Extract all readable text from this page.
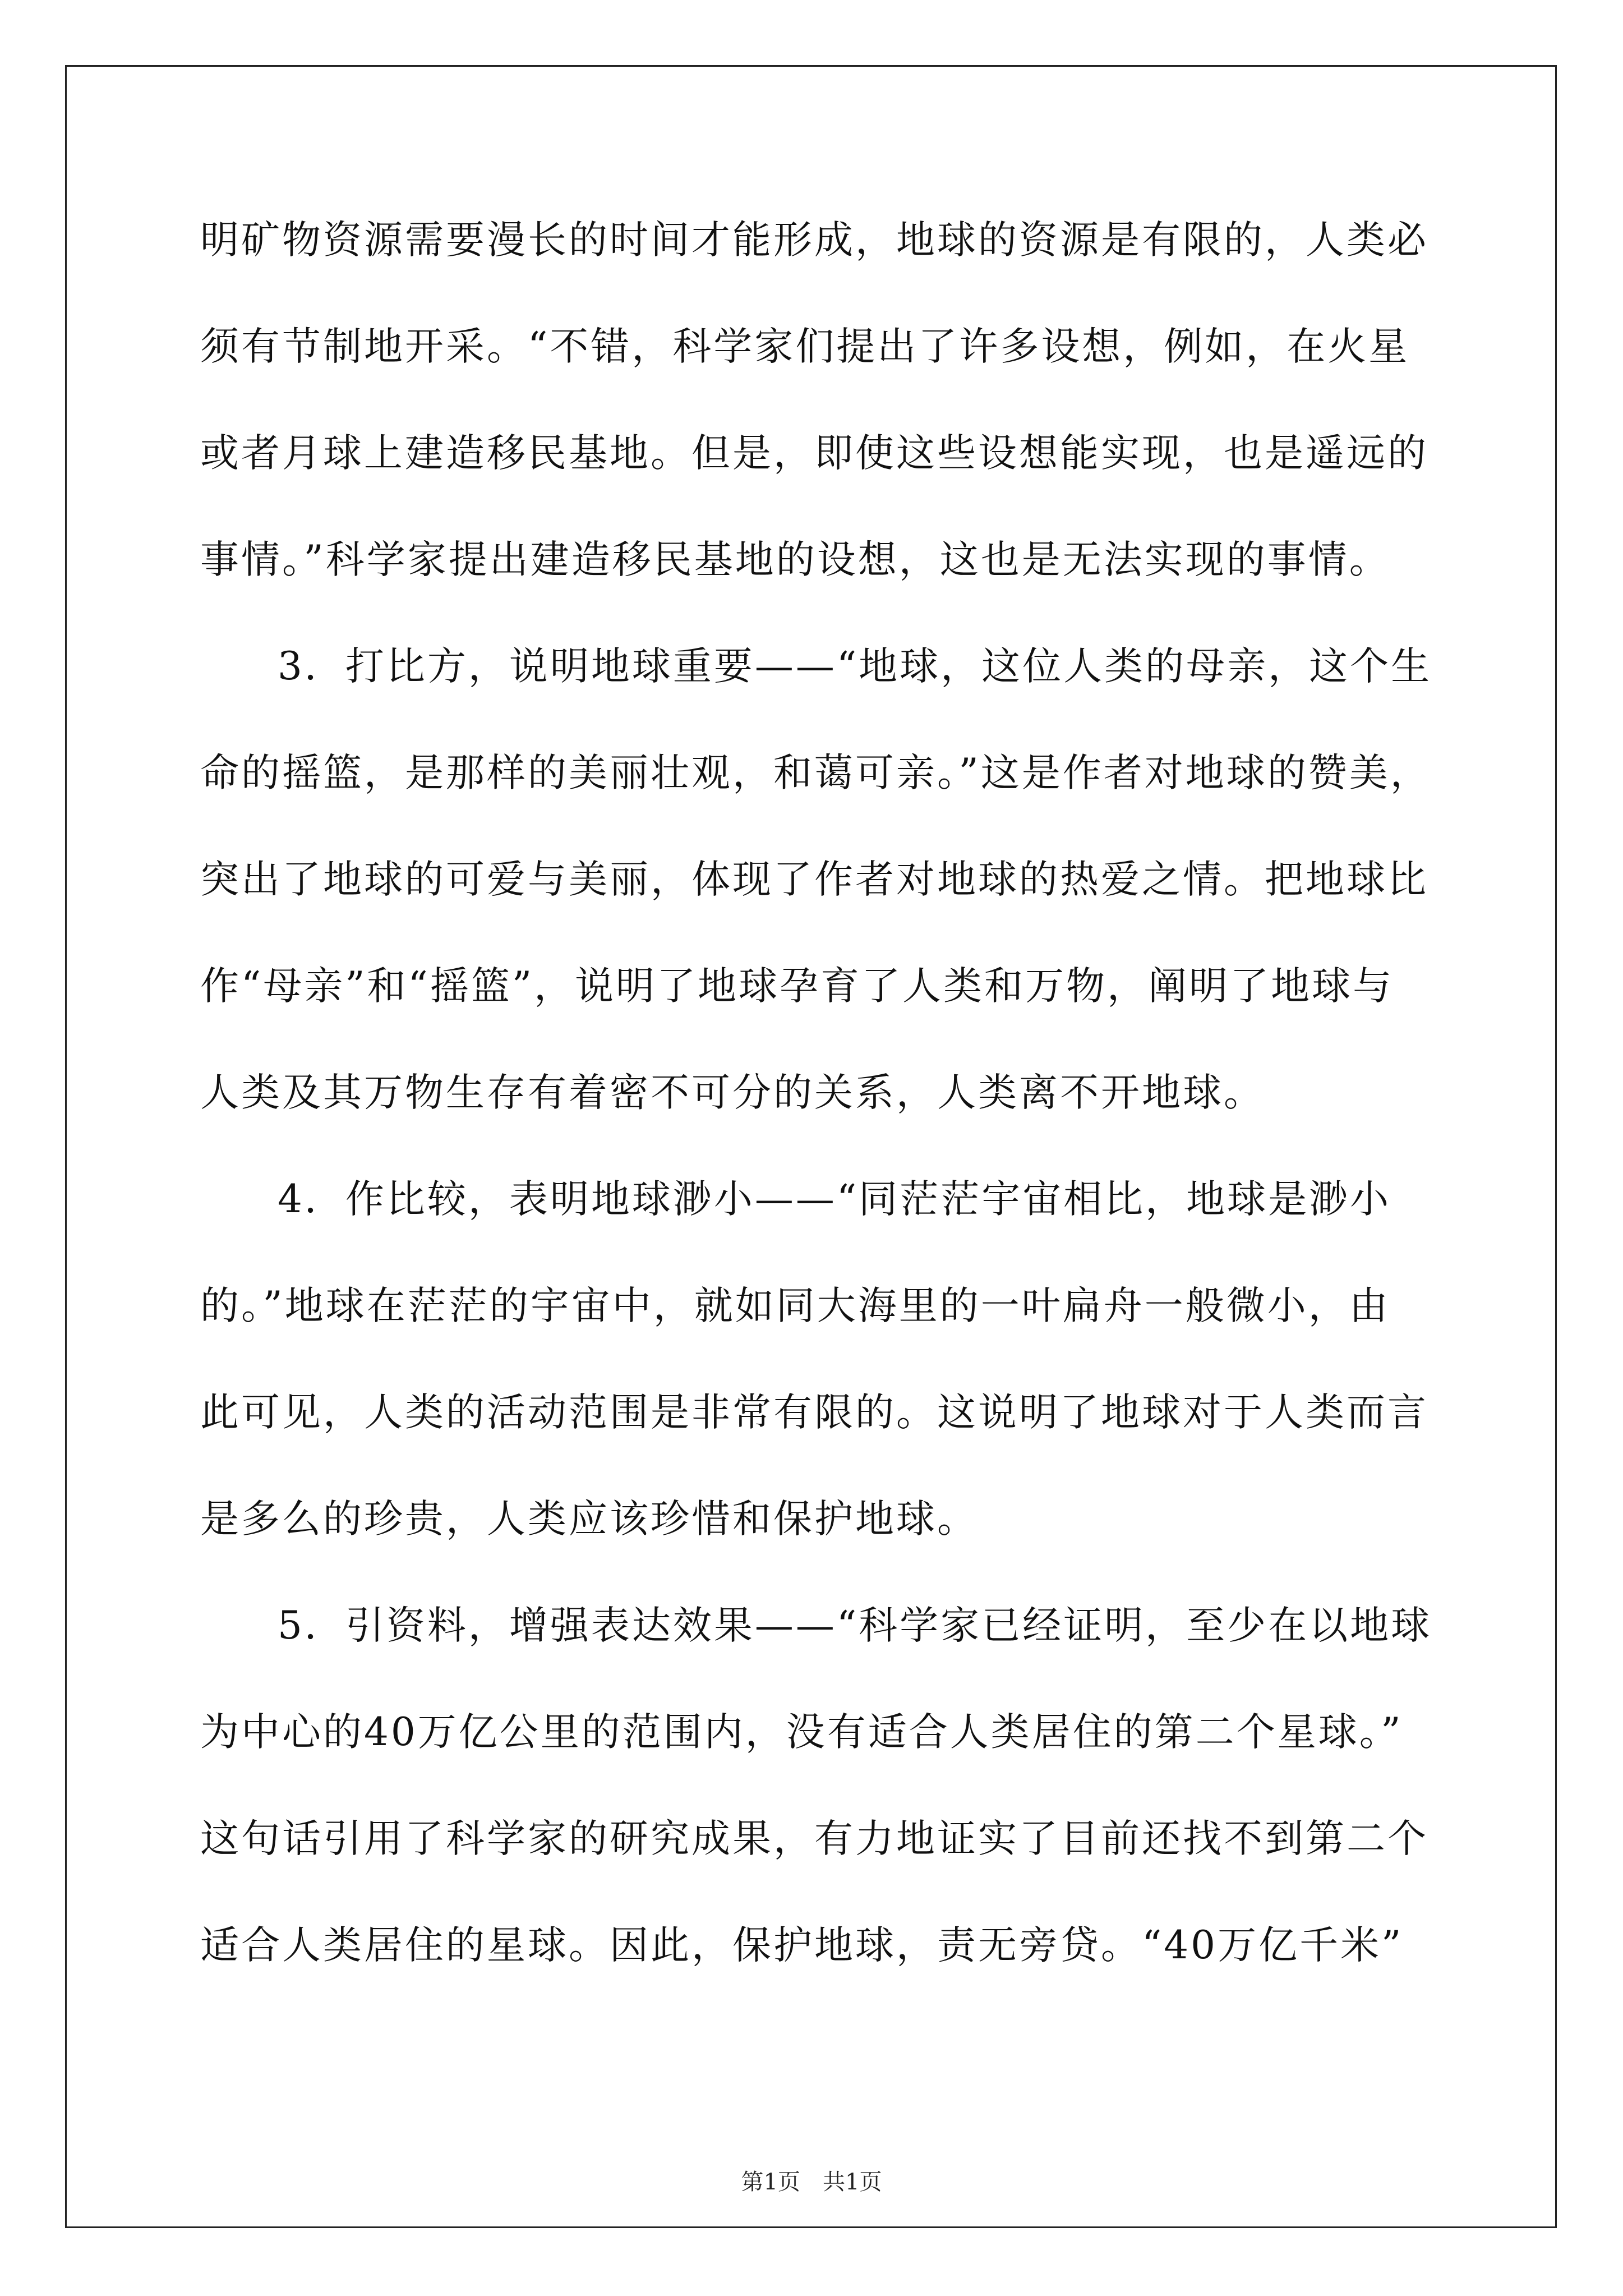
明矿物资源需要漫长的时间才能形成，地球的资源是有限的，人类必
须有节制地开采。“不错，科学家们提出了许多设想，例如，在火星
或者月球上建造移民基地。但是，即使这些设想能实现，也是遥远的
事情。”科学家提出建造移民基地的设想，这也是无法实现的事情。
3．打比方，说明地球重要——“地球，这位人类的母亲，这个生
命的摇篮，是那样的美丽壮观，和蔼可亲。”这是作者对地球的赞美，
突出了地球的可爱与美丽，体现了作者对地球的热爱之情。把地球比
作“母亲”和“摇篮”，说明了地球孕育了人类和万物，阐明了地球与
人类及其万物生存有着密不可分的关系，人类离不开地球。
4．作比较，表明地球渺小——“同茫茫宇宙相比，地球是渺小
的。”地球在茫茫的宇宙中，就如同大海里的一叶扁舟一般微小，由
此可见，人类的活动范围是非常有限的。这说明了地球对于人类而言
是多么的珍贵，人类应该珍惜和保护地球。
5．引资料，增强表达效果——“科学家已经证明，至少在以地球
为中心的40万亿公里的范围内，没有适合人类居住的第二个星球。”
这句话引用了科学家的研究成果，有力地证实了目前还找不到第二个
适合人类居住的星球。因此，保护地球，责无旁贷。“40万亿千米”
第1页　共1页
